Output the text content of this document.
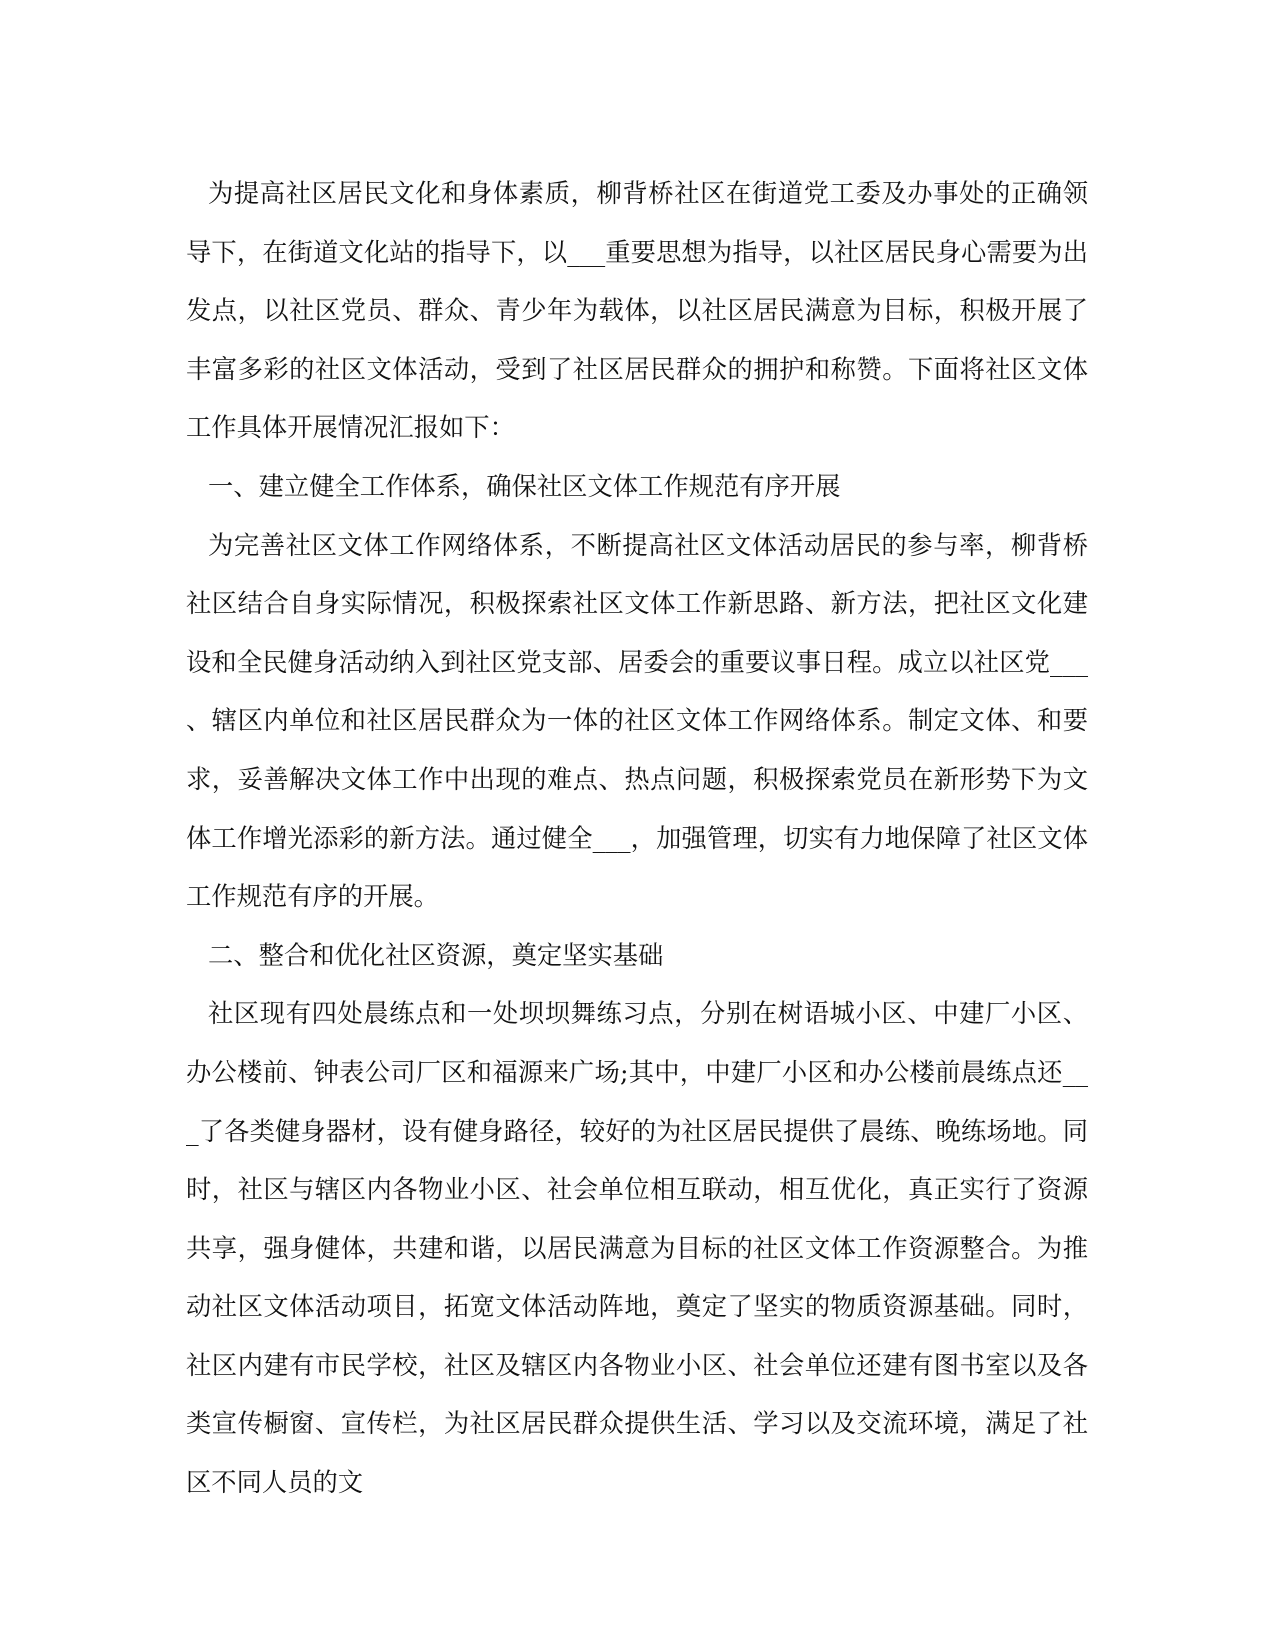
为提高社区居民文化和身体素质，柳背桥社区在街道党工委及办事处的正确领导下，在街道文化站的指导下，以___重要思想为指导，以社区居民身心需要为出发点，以社区党员、群众、青少年为载体，以社区居民满意为目标，积极开展了丰富多彩的社区文体活动，受到了社区居民群众的拥护和称赞。下面将社区文体工作具体开展情况汇报如下：

一、建立健全工作体系，确保社区文体工作规范有序开展

为完善社区文体工作网络体系，不断提高社区文体活动居民的参与率，柳背桥社区结合自身实际情况，积极探索社区文体工作新思路、新方法，把社区文化建设和全民健身活动纳入到社区党支部、居委会的重要议事日程。成立以社区党___、辖区内单位和社区居民群众为一体的社区文体工作网络体系。制定文体、和要求，妥善解决文体工作中出现的难点、热点问题，积极探索党员在新形势下为文体工作增光添彩的新方法。通过健全___，加强管理，切实有力地保障了社区文体工作规范有序的开展。

二、整合和优化社区资源，奠定坚实基础

社区现有四处晨练点和一处坝坝舞练习点，分别在树语城小区、中建厂小区、办公楼前、钟表公司厂区和福源来广场;其中，中建厂小区和办公楼前晨练点还___了各类健身器材，设有健身路径，较好的为社区居民提供了晨练、晚练场地。同时，社区与辖区内各物业小区、社会单位相互联动，相互优化，真正实行了资源共享，强身健体，共建和谐，以居民满意为目标的社区文体工作资源整合。为推动社区文体活动项目，拓宽文体活动阵地，奠定了坚实的物质资源基础。同时，社区内建有市民学校，社区及辖区内各物业小区、社会单位还建有图书室以及各类宣传橱窗、宣传栏，为社区居民群众提供生活、学习以及交流环境，满足了社区不同人员的文
